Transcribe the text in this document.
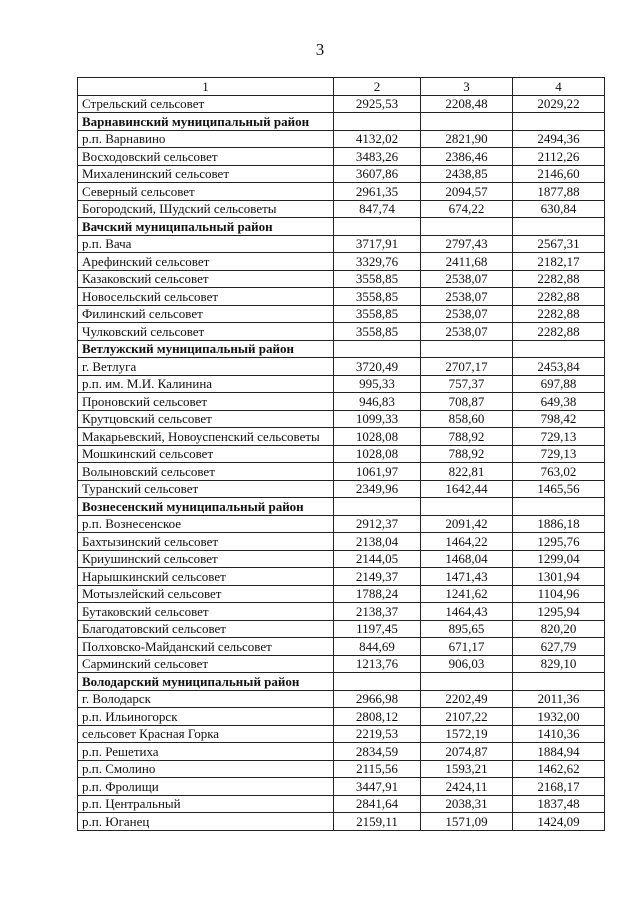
3
1	2	3	4
Стрельский сельсовет	2925,53	2208,48	2029,22
Варнавинский муниципальный район			
р.п. Варнавино	4132,02	2821,90	2494,36
Восходовский сельсовет	3483,26	2386,46	2112,26
Михаленинский сельсовет	3607,86	2438,85	2146,60
Северный сельсовет	2961,35	2094,57	1877,88
Богородский, Шудский сельсоветы	847,74	674,22	630,84
Вачский муниципальный район			
р.п. Вача	3717,91	2797,43	2567,31
Арефинский сельсовет	3329,76	2411,68	2182,17
Казаковский сельсовет	3558,85	2538,07	2282,88
Новосельский сельсовет	3558,85	2538,07	2282,88
Филинский сельсовет	3558,85	2538,07	2282,88
Чулковский сельсовет	3558,85	2538,07	2282,88
Ветлужский муниципальный район			
г. Ветлуга	3720,49	2707,17	2453,84
р.п. им. М.И. Калинина	995,33	757,37	697,88
Проновский сельсовет	946,83	708,87	649,38
Крутцовский сельсовет	1099,33	858,60	798,42
Макарьевский, Новоуспенский сельсоветы	1028,08	788,92	729,13
Мошкинский сельсовет	1028,08	788,92	729,13
Волыновский сельсовет	1061,97	822,81	763,02
Туранский сельсовет	2349,96	1642,44	1465,56
Вознесенский муниципальный район			
р.п. Вознесенское	2912,37	2091,42	1886,18
Бахтызинский сельсовет	2138,04	1464,22	1295,76
Криушинский сельсовет	2144,05	1468,04	1299,04
Нарышкинский сельсовет	2149,37	1471,43	1301,94
Мотызлейский сельсовет	1788,24	1241,62	1104,96
Бутаковский сельсовет	2138,37	1464,43	1295,94
Благодатовский сельсовет	1197,45	895,65	820,20
Полховско-Майданский сельсовет	844,69	671,17	627,79
Сарминский сельсовет	1213,76	906,03	829,10
Володарский муниципальный район			
г. Володарск	2966,98	2202,49	2011,36
р.п. Ильиногорск	2808,12	2107,22	1932,00
сельсовет Красная Горка	2219,53	1572,19	1410,36
р.п. Решетиха	2834,59	2074,87	1884,94
р.п. Смолино	2115,56	1593,21	1462,62
р.п. Фролищи	3447,91	2424,11	2168,17
р.п. Центральный	2841,64	2038,31	1837,48
р.п. Юганец	2159,11	1571,09	1424,09
